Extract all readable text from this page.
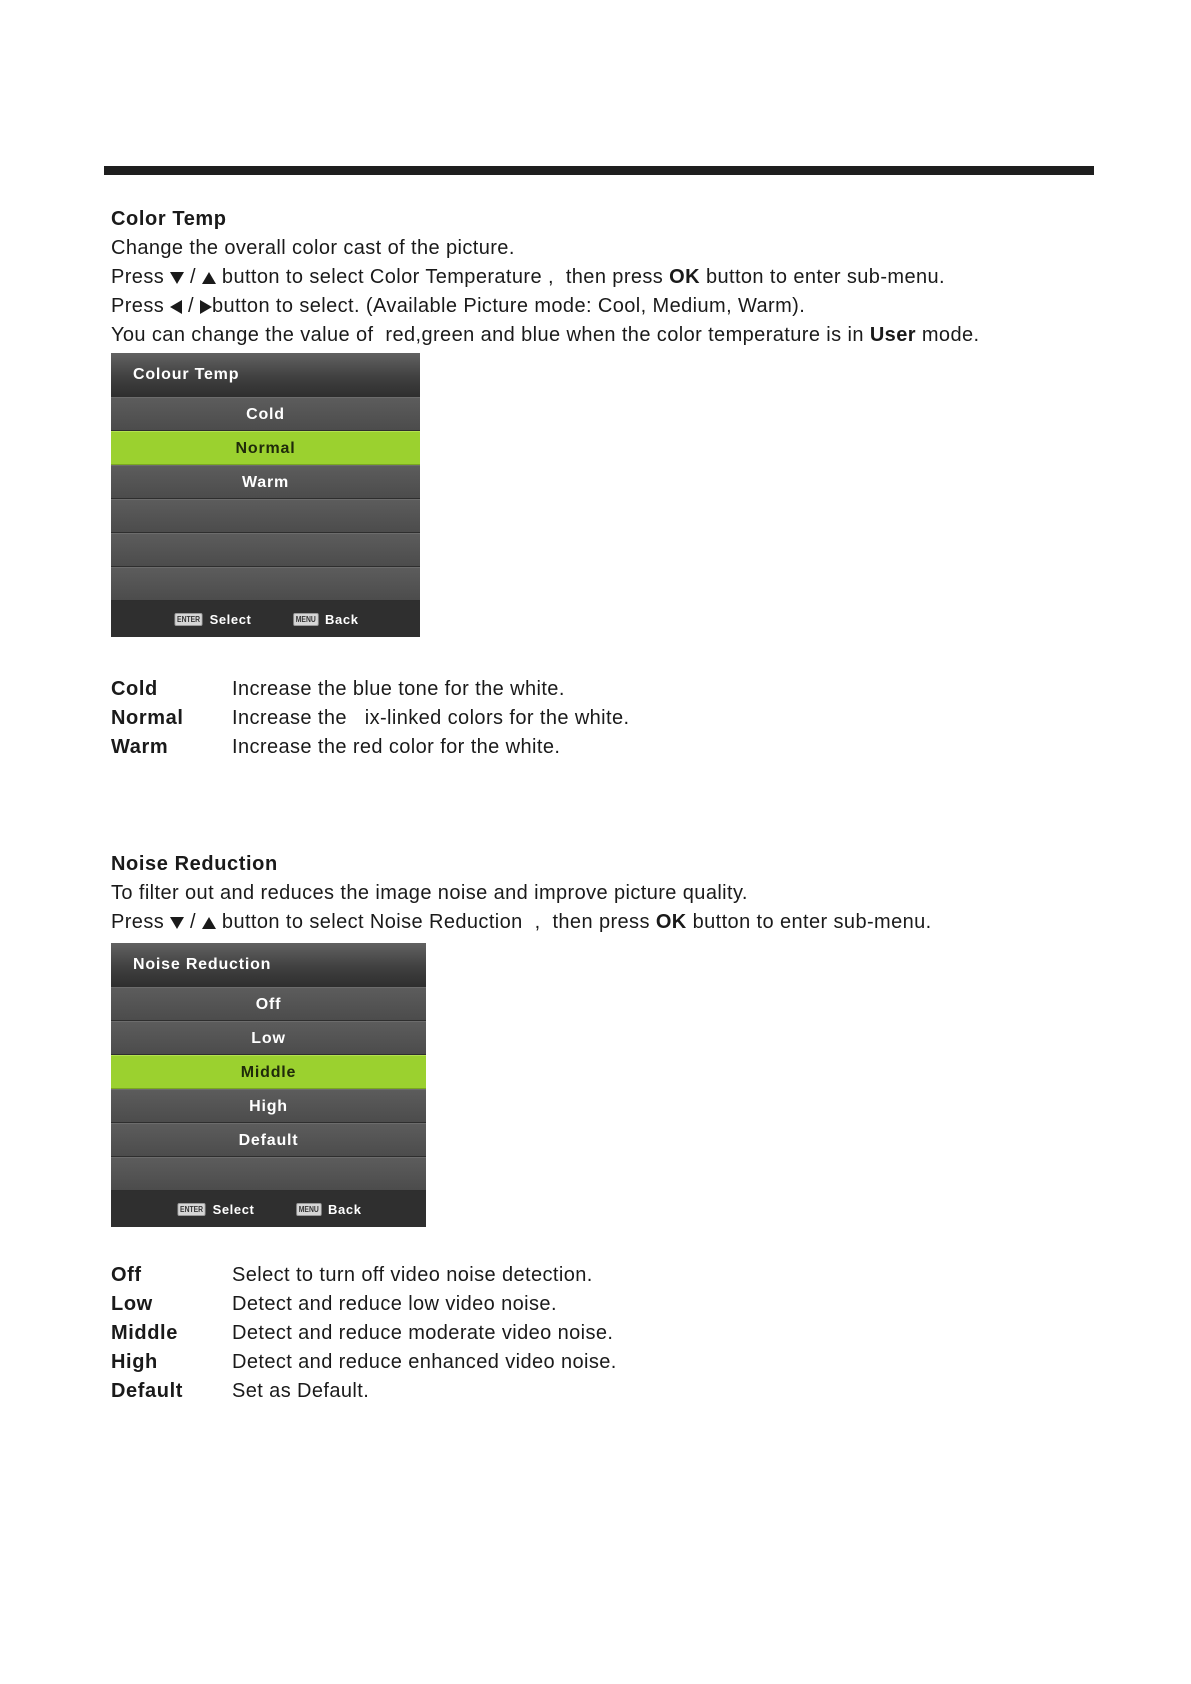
Color Temp
Change the overall color cast of the picture.
Press  /  button to select Color Temperature ,  then press OK button to enter sub-menu.
Press  / button to select. (Available Picture mode: Cool, Medium, Warm).
You can change the value of  red,green and blue when the color temperature is in User mode.
Colour Temp
Cold
Normal
Warm
ENTER Select	MENU Back
Cold	Increase the blue tone for the white.
Normal Increase the   ix-linked colors for the white.
Warm	Increase the red color for the white.
Noise Reduction
To filter out and reduces the image noise and improve picture quality.
Press  /  button to select Noise Reduction  ,  then press OK button to enter sub-menu.
Noise Reduction
Off
Low
Middle
High
Default
ENTER Select	MENU Back
Off	Select to turn off video noise detection.
Low	Detect and reduce low video noise.
Middle	Detect and reduce moderate video noise.
High	Detect and reduce enhanced video noise.
Default Set as Default.
